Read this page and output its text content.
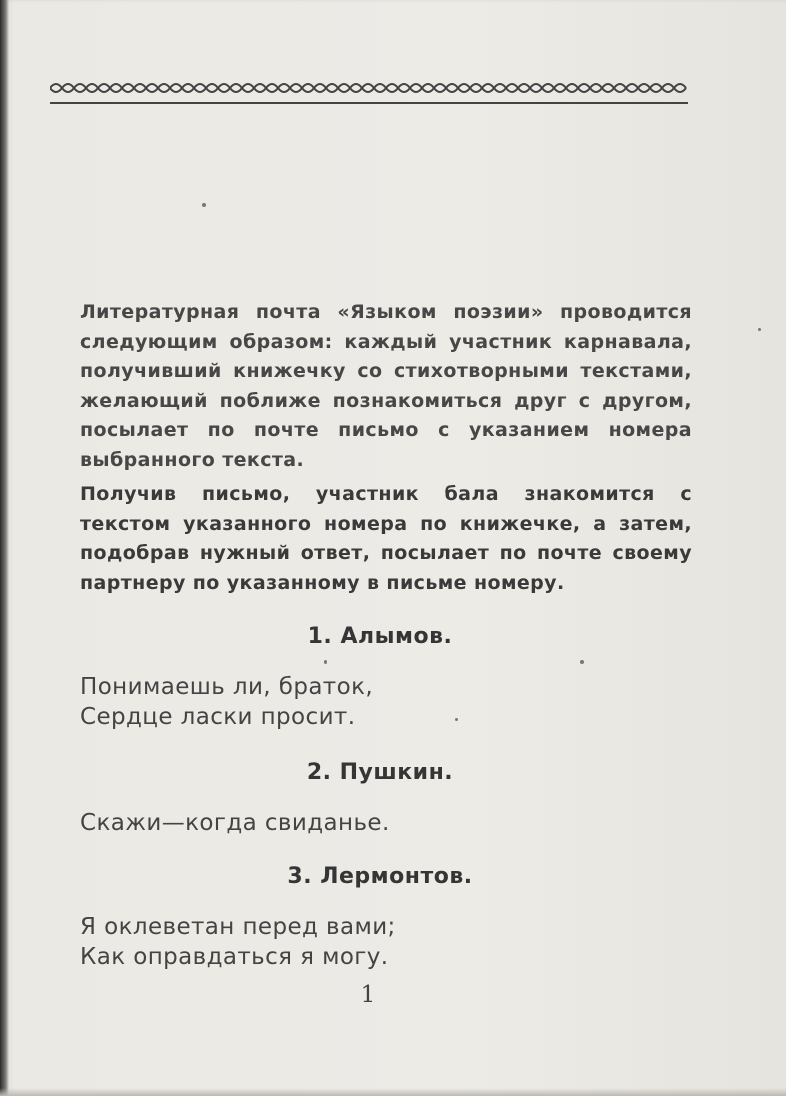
Литературная почта «Языком поэзии» проводится следующим образом: каждый участник карнавала, получивший книжечку со стихотворными текстами, желающий поближе познакомиться друг с другом, посылает по почте письмо с указанием номера выбранного текста.

Получив письмо, участник бала знакомится с текстом указанного номера по книжечке, а затем, подобрав нужный ответ, посылает по почте своему партнеру по указанному в письме номеру.

1. Алымов.
Понимаешь ли, браток,
Сердце ласки просит.
2. Пушкин.
Скажи—когда свиданье.
3. Лермонтов.
Я оклеветан перед вами;
Как оправдаться я могу.
1
